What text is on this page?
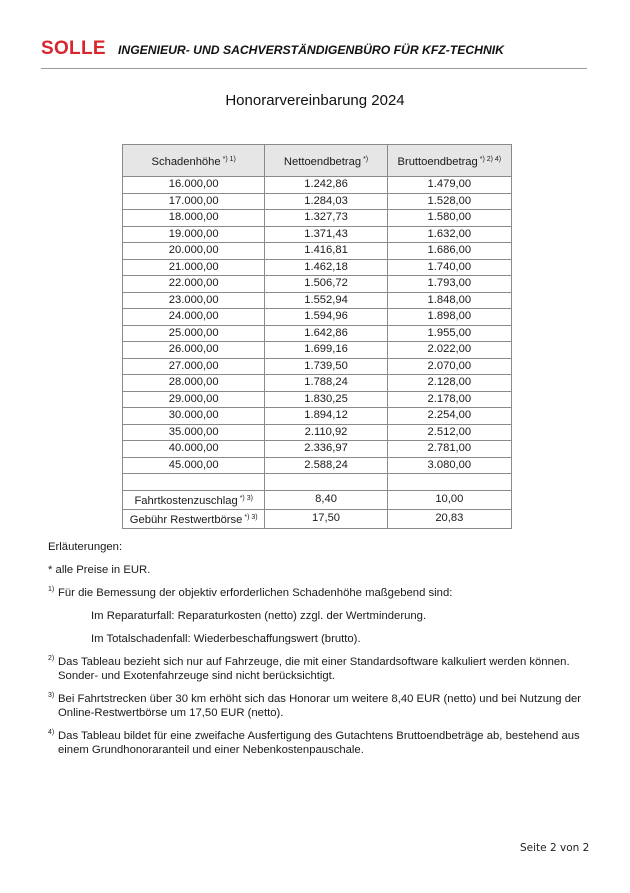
SOLLE INGENIEUR- UND SACHVERSTÄNDIGENBÜRO FÜR KFZ-TECHNIK
Honorarvereinbarung 2024
Schadenhöhe $^{*) 1)}$	Nettoendbetrag *)	Bruttoendbetrag $^{*) 2) 4)}$
16.000,00	1.242,86	1.479,00
17.000,00	1.284,03	1.528,00
18.000,00	1.327,73	1.580,00
19.000,00	1.371,43	1.632,00
20.000,00	1.416,81	1.686,00
21.000,00	1.462,18	1.740,00
22.000,00	1.506,72	1.793,00
23.000,00	1.552,94	1.848,00
24.000,00	1.594,96	1.898,00
25.000,00	1.642,86	1.955,00
26.000,00	1.699,16	2.022,00
27.000,00	1.739,50	2.070,00
28.000,00	1.788,24	2.128,00
29.000,00	1.830,25	2.178,00
30.000,00	1.894,12	2.254,00
35.000,00	2.110,92	2.512,00
40.000,00	2.336,97	2.781,00
45.000,00	2.588,24	3.080,00

Fahrtkostenzuschlag $^{*) 3)}$	8,40	10,00
Gebühr Restwertbörse $^{*) 3)}$	17,50	20,83

Erläuterungen:

* alle Preise in EUR.

1) Für die Bemessung der objektiv erforderlichen Schadenhöhe maßgebend sind:

Im Reparaturfall: Reparaturkosten (netto) zzgl. der Wertminderung.

Im Totalschadenfall: Wiederbeschaffungswert (brutto).

2) Das Tableau bezieht sich nur auf Fahrzeuge, die mit einer Standardsoftware kalkuliert werden können. Sonder- und Exotenfahrzeuge sind nicht berücksichtigt.

3) Bei Fahrtstrecken über 30 km erhöht sich das Honorar um weitere 8,40 EUR (netto) und bei Nutzung der Online-Restwertbörse um 17,50 EUR (netto).

4) Das Tableau bildet für eine zweifache Ausfertigung des Gutachtens Bruttoendbeträge ab, bestehend aus einem Grundhonoraranteil und einer Nebenkostenpauschale.

Seite 2 von 2
